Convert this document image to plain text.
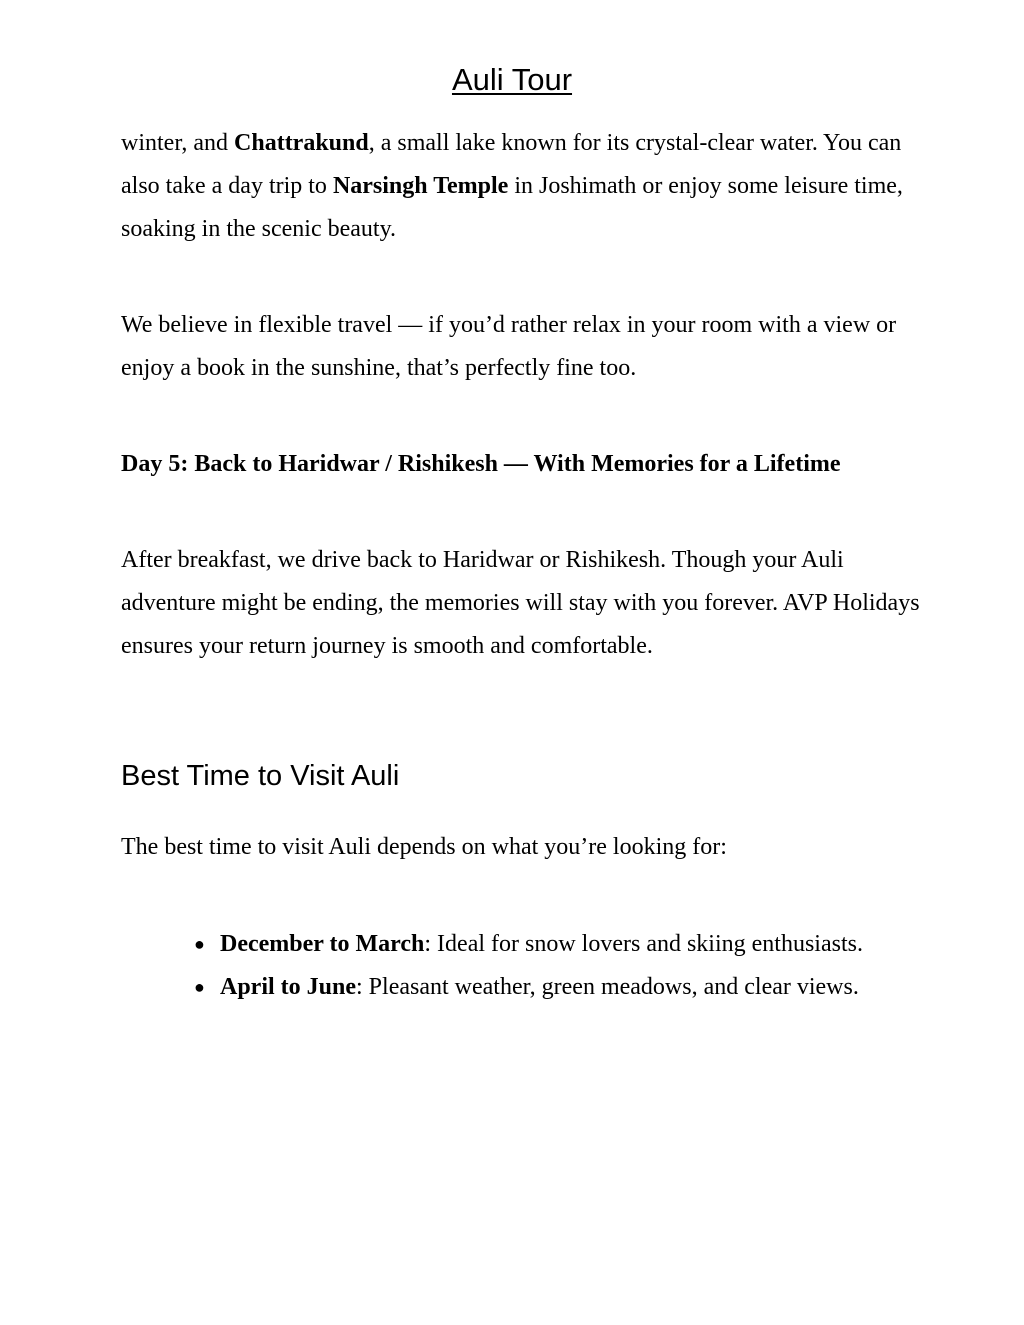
Auli Tour

winter, and Chattrakund, a small lake known for its crystal-clear water. You can also take a day trip to Narsingh Temple in Joshimath or enjoy some leisure time, soaking in the scenic beauty.

We believe in flexible travel — if you’d rather relax in your room with a view or enjoy a book in the sunshine, that’s perfectly fine too.

Day 5: Back to Haridwar / Rishikesh — With Memories for a Lifetime

After breakfast, we drive back to Haridwar or Rishikesh. Though your Auli adventure might be ending, the memories will stay with you forever. AVP Holidays ensures your return journey is smooth and comfortable.

Best Time to Visit Auli

The best time to visit Auli depends on what you’re looking for:

● December to March: Ideal for snow lovers and skiing enthusiasts.
● April to June: Pleasant weather, green meadows, and clear views.
